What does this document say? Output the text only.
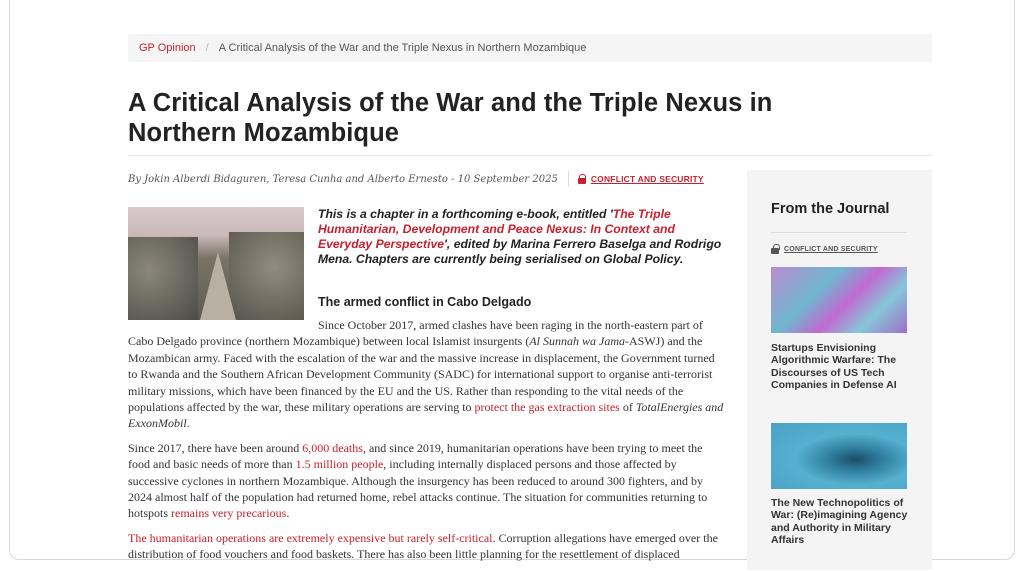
GP Opinion / A Critical Analysis of the War and the Triple Nexus in Northern Mozambique
A Critical Analysis of the War and the Triple Nexus in Northern Mozambique
By Jokin Alberdi Bidaguren, Teresa Cunha and Alberto Ernesto - 10 September 2025	CONFLICT AND SECURITY
This is a chapter in a forthcoming e-book, entitled 'The Triple Humanitarian, Development and Peace Nexus: In Context and Everyday Perspective', edited by Marina Ferrero Baselga and Rodrigo Mena. Chapters are currently being serialised on Global Policy.
The armed conflict in Cabo Delgado

Since October 2017, armed clashes have been raging in the north-eastern part of Cabo Delgado province (northern Mozambique) between local Islamist insurgents (Al Sunnah wa Jama-ASWJ) and the Mozambican army. Faced with the escalation of the war and the massive increase in displacement, the Government turned to Rwanda and the Southern African Development Community (SADC) for international support to organise anti-terrorist military missions, which have been financed by the EU and the US. Rather than responding to the vital needs of the populations affected by the war, these military operations are serving to protect the gas extraction sites of TotalEnergies and ExxonMobil.

Since 2017, there have been around 6,000 deaths, and since 2019, humanitarian operations have been trying to meet the food and basic needs of more than 1.5 million people, including internally displaced persons and those affected by successive cyclones in northern Mozambique. Although the insurgency has been reduced to around 300 fighters, and by 2024 almost half of the population had returned home, rebel attacks continue. The situation for communities returning to hotspots remains very precarious.

The humanitarian operations are extremely expensive but rarely self-critical. Corruption allegations have emerged over the distribution of food vouchers and food baskets. There has also been little planning for the resettlement of displaced

From the Journal
CONFLICT AND SECURITY
Startups Envisioning Algorithmic Warfare: The Discourses of US Tech Companies in Defense AI
The New Technopolitics of War: (Re)imagining Agency and Authority in Military Affairs
